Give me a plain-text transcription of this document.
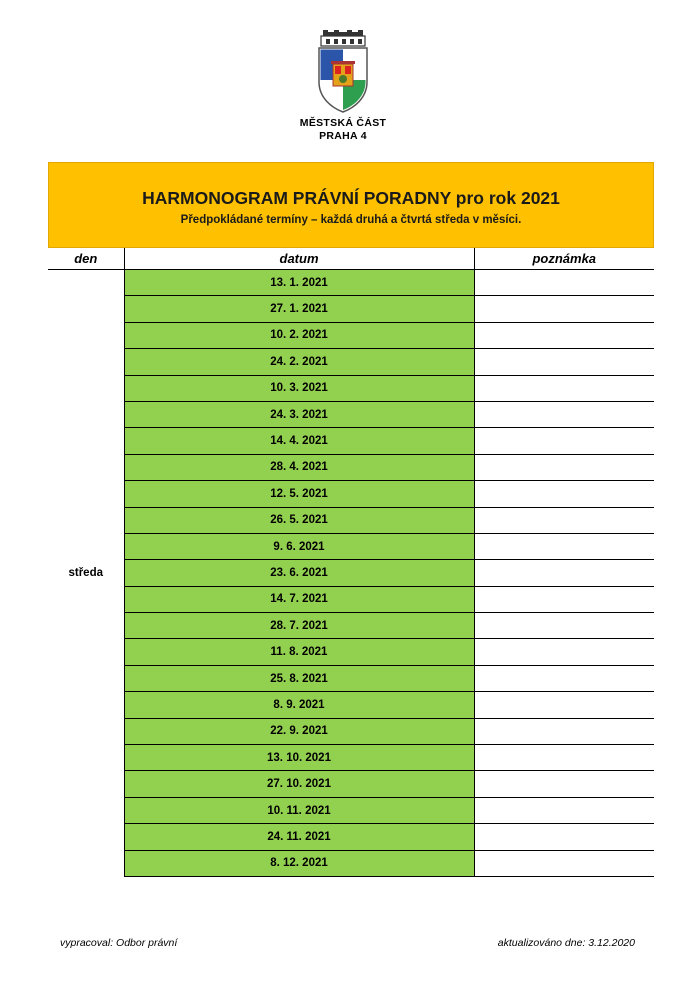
MĚSTSKÁ ČÁST
PRAHA 4
HARMONOGRAM PRÁVNÍ PORADNY pro rok 2021
Předpokládané termíny – každá druhá a čtvrtá středa v měsíci.
den	datum	poznámka
středa	13. 1. 2021	
	27. 1. 2021	
	10. 2. 2021	
	24. 2. 2021	
	10. 3. 2021	
	24. 3. 2021	
	14. 4. 2021	
	28. 4. 2021	
	12. 5. 2021	
	26. 5. 2021	
	9. 6. 2021	
	23. 6. 2021	
	14. 7. 2021	
	28. 7. 2021	
	11. 8. 2021	
	25. 8. 2021	
	8. 9. 2021	
	22. 9. 2021	
	13. 10. 2021	
	27. 10. 2021	
	10. 11. 2021	
	24. 11. 2021	
	8. 12. 2021	
vypracoval: Odbor právní	aktualizováno dne: 3.12.2020
